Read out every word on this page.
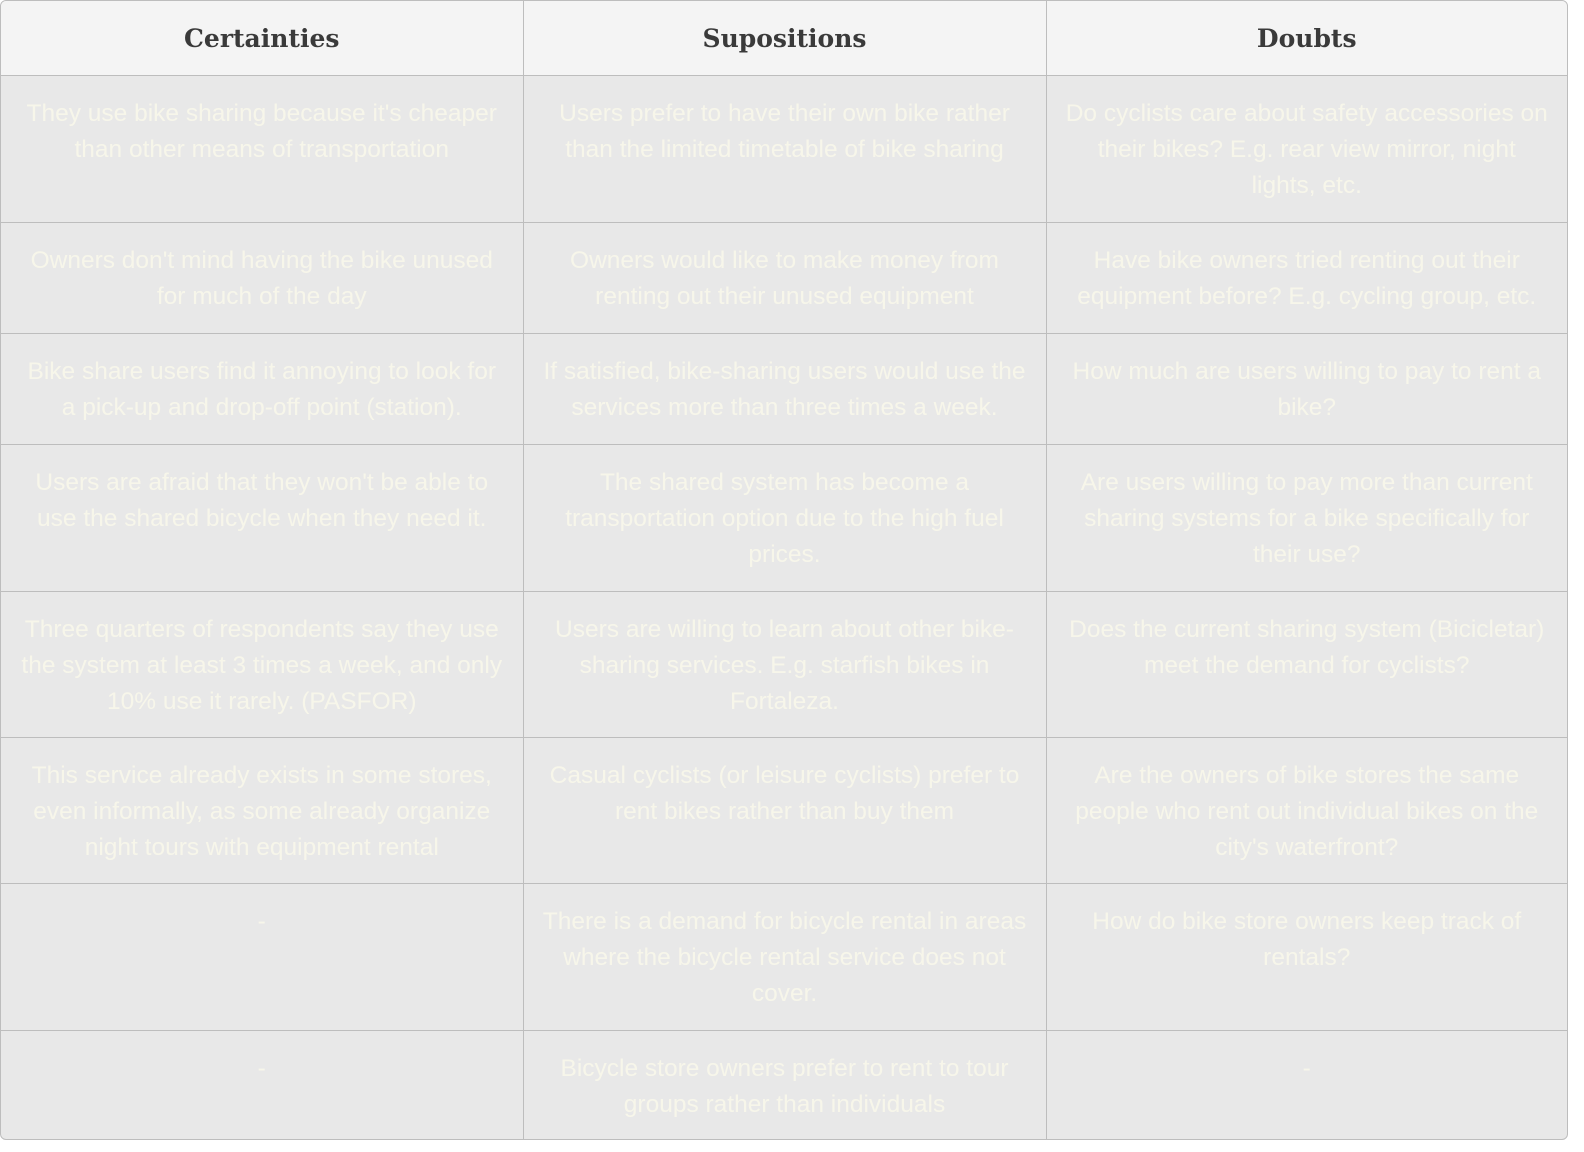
Certainties	Supositions	Doubts
They use bike sharing because it's cheaper than other means of transportation	Users prefer to have their own bike rather than the limited timetable of bike sharing	Do cyclists care about safety accessories on their bikes? E.g. rear view mirror, night lights, etc.
Owners don't mind having the bike unused for much of the day	Owners would like to make money from renting out their unused equipment	Have bike owners tried renting out their equipment before? E.g. cycling group, etc.
Bike share users find it annoying to look for a pick-up and drop-off point (station).	If satisfied, bike-sharing users would use the services more than three times a week.	How much are users willing to pay to rent a bike?
Users are afraid that they won't be able to use the shared bicycle when they need it.	The shared system has become a transportation option due to the high fuel prices.	Are users willing to pay more than current sharing systems for a bike specifically for their use?
Three quarters of respondents say they use the system at least 3 times a week, and only 10% use it rarely. (PASFOR)	Users are willing to learn about other bike-sharing services. E.g. starfish bikes in Fortaleza.	Does the current sharing system (Bicicletar) meet the demand for cyclists?
This service already exists in some stores, even informally, as some already organize night tours with equipment rental	Casual cyclists (or leisure cyclists) prefer to rent bikes rather than buy them	Are the owners of bike stores the same people who rent out individual bikes on the city's waterfront?
-	There is a demand for bicycle rental in areas where the bicycle rental service does not cover.	How do bike store owners keep track of rentals?
-	Bicycle store owners prefer to rent to tour groups rather than individuals	-
